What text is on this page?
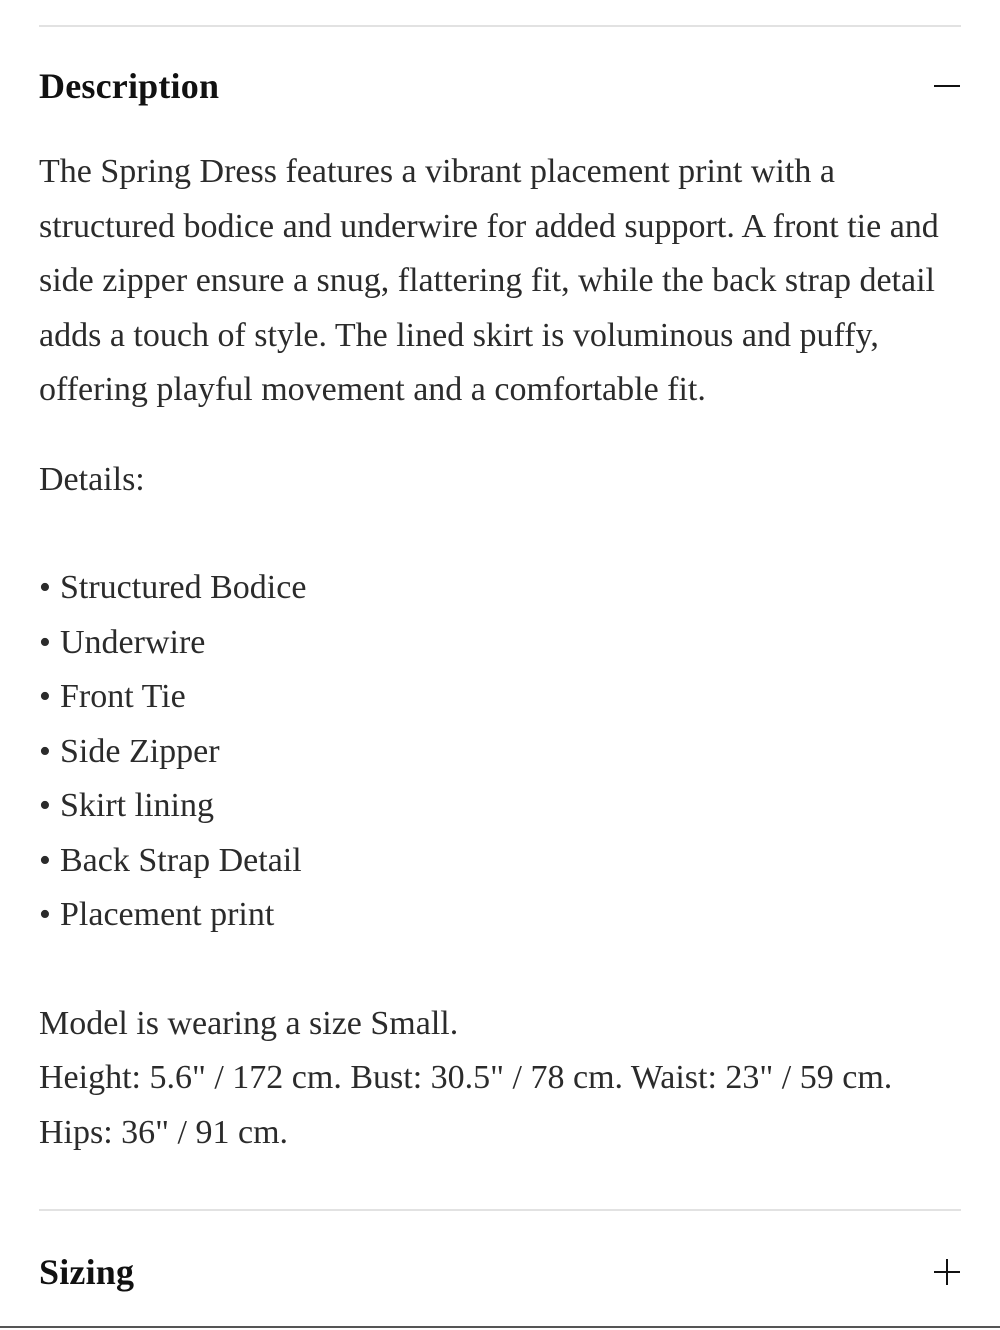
Description

The Spring Dress features a vibrant placement print with a structured bodice and underwire for added support. A front tie and side zipper ensure a snug, flattering fit, while the back strap detail adds a touch of style. The lined skirt is voluminous and puffy, offering playful movement and a comfortable fit.

Details:

• Structured Bodice
• Underwire
• Front Tie
• Side Zipper
• Skirt lining
• Back Strap Detail
• Placement print

Model is wearing a size Small.

Height: 5.6" / 172 cm. Bust: 30.5" / 78 cm. Waist: 23" / 59 cm. Hips: 36" / 91 cm.

Sizing
